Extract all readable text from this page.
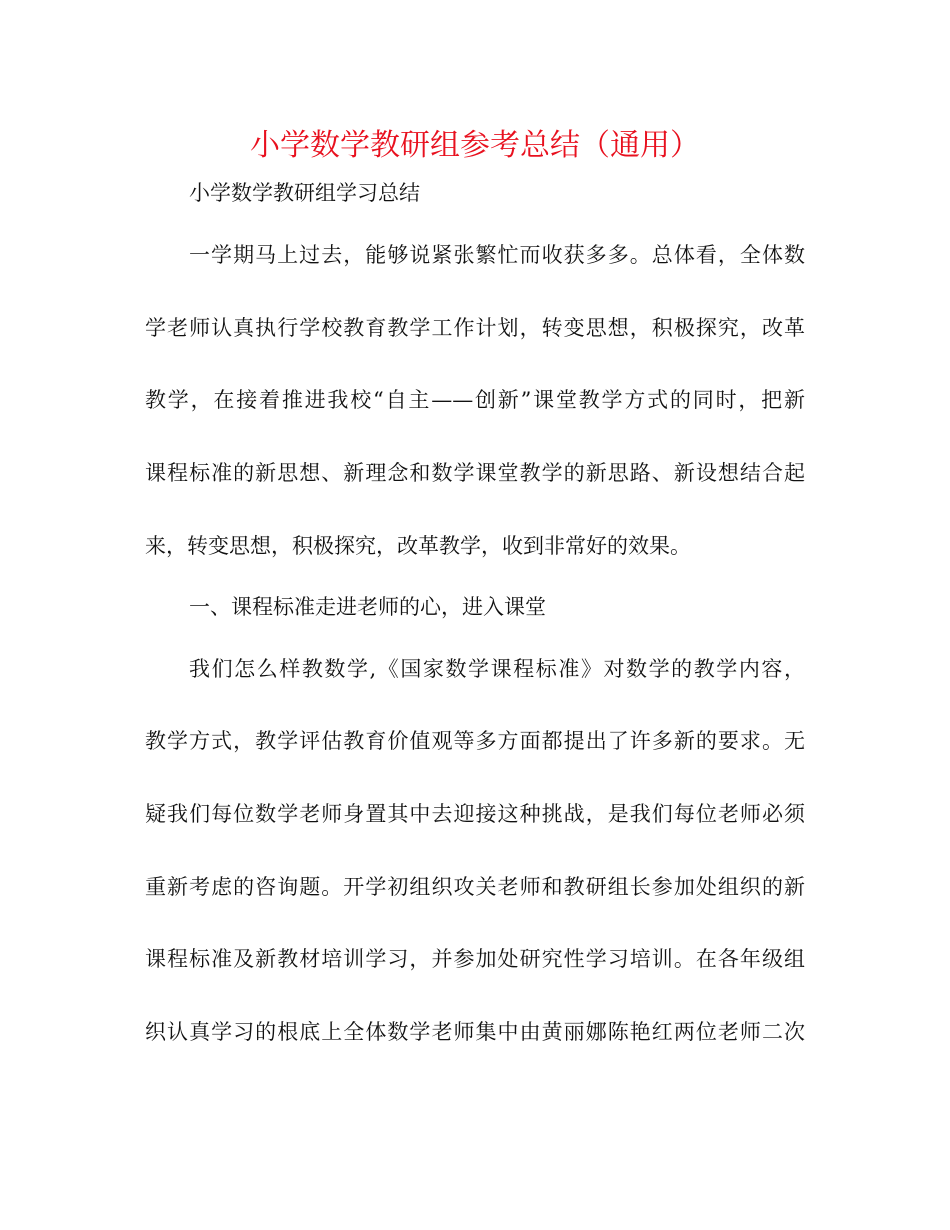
小学数学教研组参考总结（通用）
小学数学教研组学习总结
一学期马上过去，能够说紧张繁忙而收获多多。总体看，全体数
学老师认真执行学校教育教学工作计划，转变思想，积极探究，改革
教学，在接着推进我校“自主——创新”课堂教学方式的同时，把新
课程标准的新思想、新理念和数学课堂教学的新思路、新设想结合起
来，转变思想，积极探究，改革教学，收到非常好的效果。
一、课程标准走进老师的心，进入课堂
我们怎么样教数学,《国家数学课程标准》对数学的教学内容，
教学方式，教学评估教育价值观等多方面都提出了许多新的要求。无
疑我们每位数学老师身置其中去迎接这种挑战，是我们每位老师必须
重新考虑的咨询题。开学初组织攻关老师和教研组长参加处组织的新
课程标准及新教材培训学习，并参加处研究性学习培训。在各年级组
织认真学习的根底上全体数学老师集中由黄丽娜陈艳红两位老师二次
